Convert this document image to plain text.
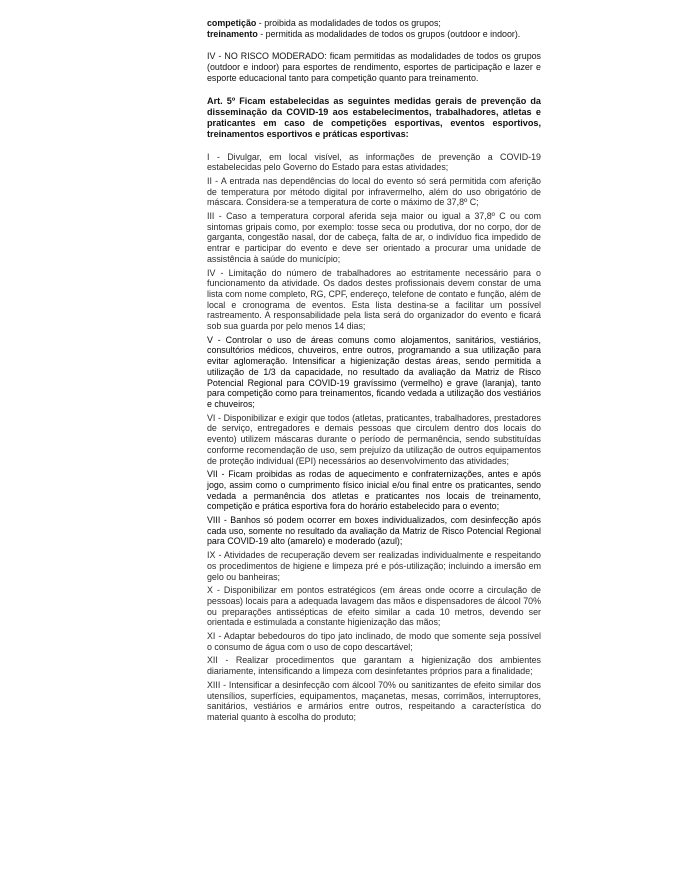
competição - proibida as modalidades de todos os grupos;

treinamento - permitida as modalidades de todos os grupos (outdoor e indoor).

IV - NO RISCO MODERADO: ficam permitidas as modalidades de todos os grupos (outdoor e indoor) para esportes de rendimento, esportes de participação e lazer e esporte educacional tanto para competição quanto para treinamento.

Art. 5º Ficam estabelecidas as seguintes medidas gerais de prevenção da disseminação da COVID-19 aos estabelecimentos, trabalhadores, atletas e praticantes em caso de competições esportivas, eventos esportivos, treinamentos esportivos e práticas esportivas:

I - Divulgar, em local visível, as informações de prevenção a COVID-19 estabelecidas pelo Governo do Estado para estas atividades;

II - A entrada nas dependências do local do evento só será permitida com aferição de temperatura por método digital por infravermelho, além do uso obrigatório de máscara. Considera-se a temperatura de corte o máximo de 37,8º C;

III - Caso a temperatura corporal aferida seja maior ou igual a 37,8º C ou com sintomas gripais como, por exemplo: tosse seca ou produtiva, dor no corpo, dor de garganta, congestão nasal, dor de cabeça, falta de ar, o indivíduo fica impedido de entrar e participar do evento e deve ser orientado a procurar uma unidade de assistência à saúde do município;

IV - Limitação do número de trabalhadores ao estritamente necessário para o funcionamento da atividade. Os dados destes profissionais devem constar de uma lista com nome completo, RG, CPF, endereço, telefone de contato e função, além de local e cronograma de eventos. Esta lista destina-se a facilitar um possível rastreamento. A responsabilidade pela lista será do organizador do evento e ficará sob sua guarda por pelo menos 14 dias;

V - Controlar o uso de áreas comuns como alojamentos, sanitários, vestiários, consultórios médicos, chuveiros, entre outros, programando a sua utilização para evitar aglomeração. Intensificar a higienização destas áreas, sendo permitida a utilização de 1/3 da capacidade, no resultado da avaliação da Matriz de Risco Potencial Regional para COVID-19 gravíssimo (vermelho) e grave (laranja), tanto para competição como para treinamentos, ficando vedada a utilização dos vestiários e chuveiros;

VI - Disponibilizar e exigir que todos (atletas, praticantes, trabalhadores, prestadores de serviço, entregadores e demais pessoas que circulem dentro dos locais do evento) utilizem máscaras durante o período de permanência, sendo substituídas conforme recomendação de uso, sem prejuízo da utilização de outros equipamentos de proteção individual (EPI) necessários ao desenvolvimento das atividades;

VII - Ficam proibidas as rodas de aquecimento e confraternizações, antes e após jogo, assim como o cumprimento físico inicial e/ou final entre os praticantes, sendo vedada a permanência dos atletas e praticantes nos locais de treinamento, competição e prática esportiva fora do horário estabelecido para o evento;

VIII - Banhos só podem ocorrer em boxes individualizados, com desinfecção após cada uso, somente no resultado da avaliação da Matriz de Risco Potencial Regional para COVID-19 alto (amarelo) e moderado (azul);

IX - Atividades de recuperação devem ser realizadas individualmente e respeitando os procedimentos de higiene e limpeza pré e pós-utilização; incluindo a imersão em gelo ou banheiras;

X - Disponibilizar em pontos estratégicos (em áreas onde ocorre a circulação de pessoas) locais para a adequada lavagem das mãos e dispensadores de álcool 70% ou preparações antissépticas de efeito similar a cada 10 metros, devendo ser orientada e estimulada a constante higienização das mãos;

XI - Adaptar bebedouros do tipo jato inclinado, de modo que somente seja possível o consumo de água com o uso de copo descartável;

XII - Realizar procedimentos que garantam a higienização dos ambientes diariamente, intensificando a limpeza com desinfetantes próprios para a finalidade;

XIII - Intensificar a desinfecção com álcool 70% ou sanitizantes de efeito similar dos utensílios, superfícies, equipamentos, maçanetas, mesas, corrimãos, interruptores, sanitários, vestiários e armários entre outros, respeitando a característica do material quanto à escolha do produto;
